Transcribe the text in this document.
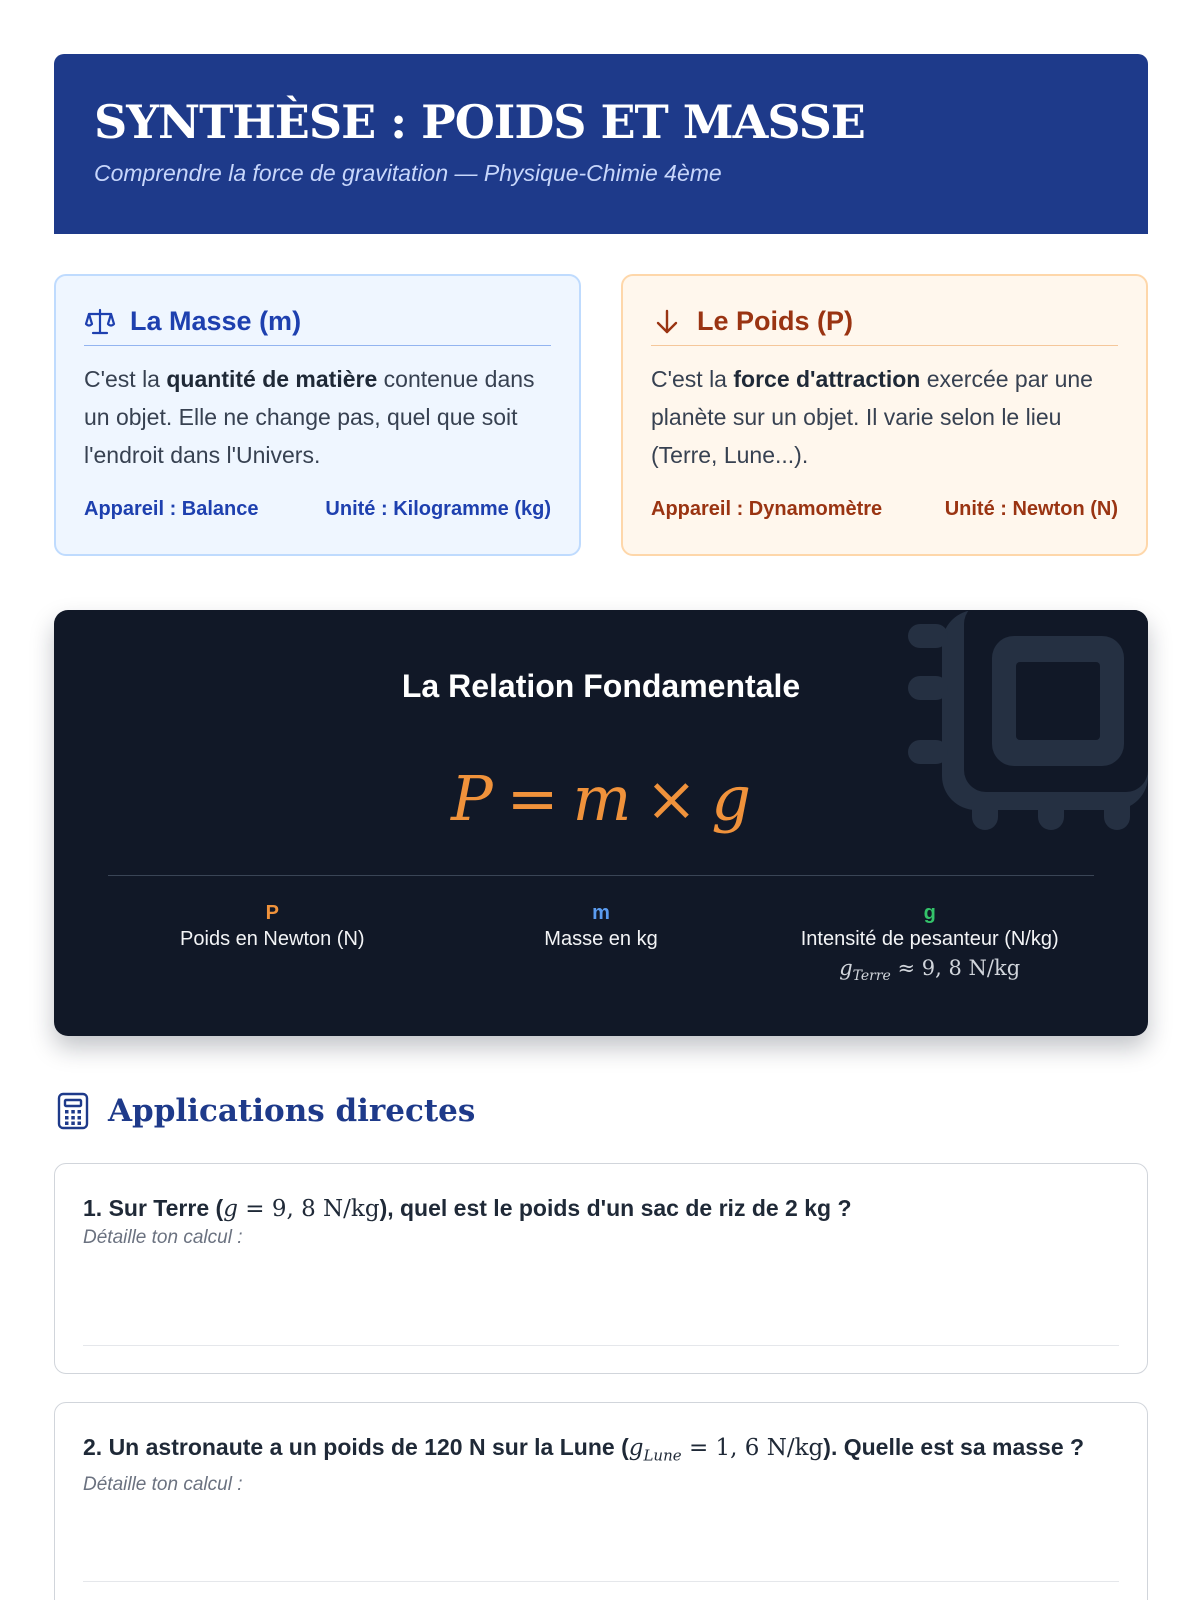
SYNTHÈSE : POIDS ET MASSE
Comprendre la force de gravitation — Physique-Chimie 4ème
La Masse (m)
C'est la quantité de matière contenue dans un objet. Elle ne change pas, quel que soit l'endroit dans l'Univers.
Appareil : Balance	Unité : Kilogramme (kg)
Le Poids (P)
C'est la force d'attraction exercée par une planète sur un objet. Il varie selon le lieu (Terre, Lune...).
Appareil : Dynamomètre	Unité : Newton (N)
La Relation Fondamentale
P = m × g
P
Poids en Newton (N)
m
Masse en kg
g
Intensité de pesanteur (N/kg)
$g_{Terre} \approx 9$, 8 N/kg
Applications directes
1. Sur Terre (g = 9, 8 N/kg), quel est le poids d'un sac de riz de 2 kg ?
Détaille ton calcul :
2. Un astronaute a un poids de 120 N sur la Lune ($g_{Lune} = 1$, 6 N/kg). Quelle est sa masse ?
Détaille ton calcul :
